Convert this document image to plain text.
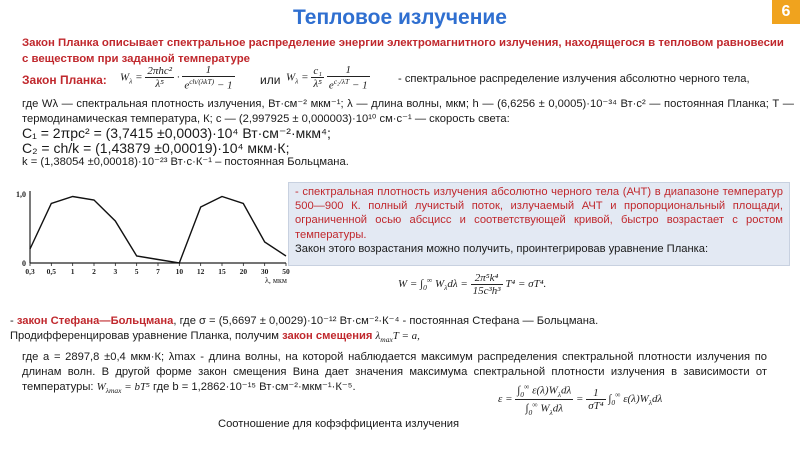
Тепловое излучение	6
Закон Планка описывает спектральное распределение энергии электромагнитного излучения, находящегося в тепловом равновесии с веществом при заданной температуре
Закон Планка: $W_\lambda = \frac{\text{2πhc²}}{\text{λ⁵}} \cdot \frac{1}{e^{ch/(\lambda kT)} - 1}$ или $W_\lambda = \frac{\text{c₁}}{\text{λ⁵}}$
$\frac{1}{e^{c_2/\lambda T} - 1}$	- спектральное распределение излучения абсолютно черного тела,
где Wλ — спектральная плотность излучения, Вт·см⁻² мкм⁻¹; λ — длина волны, мкм; h — (6,6256 ± 0,0005)·10⁻³⁴ Вт·с² — постоянная Планка; Т — термодинамическая температура, К; с — (2,997925 ± 0,000003)·10¹⁰ см·с⁻¹ — скорость света:
С₁ = 2πpc² = (3,7415 ±0,0003)·10⁴ Вт·см⁻²·мкм⁴;
С₂ = ch/k = (1,43879 ±0,00019)·10⁴ мкм·К;
k = (1,38054 ±0,00018)·10⁻²³ Вт·с·К⁻¹ – постоянная Больцмана.
0,3 0,5 1 2 3 5 7 10 12 15 20 30 50
0
1,0
λ, мкм
- спектральная плотность излучения абсолютно черного тела (АЧТ) в диапазоне температур 500—900 К. полный лучистый поток, излучаемый АЧТ и пропорциональный площади, ограниченной осью абсцисс и соответствующей кривой, быстро возрастает с ростом температуры.
Закон этого возрастания можно получить, проинтегрировав уравнение Планка:
$W = \int_0^\infty$ $W_\lambda d\lambda = \frac{\text{2π⁵k⁴}}{\text{15c³h³}} T^4 = \sigma T^4$.
- закон Стефана—Больцмана, где σ = (5,6697 ± 0,0029)·10⁻¹² Вт·см⁻²·К⁻⁴ - постоянная Стефана — Больцмана.
Продифференцировав уравнение Планка, получим закон смещения $\lambda_{max}T = a$,
где а = 2897,8 ±0,4 мкм·К; λmax - длина волны, на которой наблюдается максимум распределения спектральной плотности излучения по длинам волн. В другой форме закон смещения Вина дает значения максимума спектральной плотности излучения в зависимости от температуры: $W_{\lambda max} = bT^5$ где b = 1,2862·10⁻¹⁵ Вт·см⁻²·мкм⁻¹·К⁻⁵.
Соотношение для кофэффициента излучения
$\varepsilon = \frac{\int_0^\infty \varepsilon(\lambda)W_\lambda d\lambda}{\int_0^\infty W_\lambda d\lambda} = \frac{1}{\text{σT⁴}} \int_0^\infty$ $\varepsilon(\lambda)W_\lambda d\lambda$
